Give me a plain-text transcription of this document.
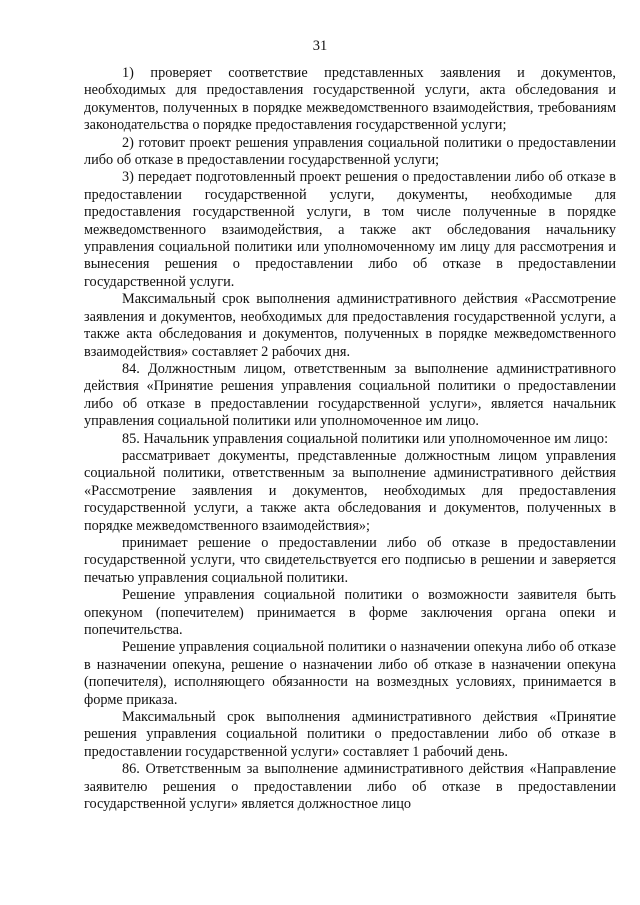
31

1) проверяет соответствие представленных заявления и документов, необходимых для предоставления государственной услуги, акта обследования и документов, полученных в порядке межведомственного взаимодействия, требованиям законодательства о порядке предоставления государственной услуги;

2) готовит проект решения управления социальной политики о предоставлении либо об отказе в предоставлении государственной услуги;

3) передает подготовленный проект решения о предоставлении либо об отказе в предоставлении государственной услуги, документы, необходимые для предоставления государственной услуги, в том числе полученные в порядке межведомственного взаимодействия, а также акт обследования начальнику управления социальной политики или уполномоченному им лицу для рассмотрения и вынесения решения о предоставлении либо об отказе в предоставлении государственной услуги.

Максимальный срок выполнения административного действия «Рассмотрение заявления и документов, необходимых для предоставления государственной услуги, а также акта обследования и документов, полученных в порядке межведомственного взаимодействия» составляет 2 рабочих дня.

84. Должностным лицом, ответственным за выполнение административного действия «Принятие решения управления социальной политики о предоставлении либо об отказе в предоставлении государственной услуги», является начальник управления социальной политики или уполномоченное им лицо.

85. Начальник управления социальной политики или уполномоченное им лицо:

рассматривает документы, представленные должностным лицом управления социальной политики, ответственным за выполнение административного действия «Рассмотрение заявления и документов, необходимых для предоставления государственной услуги, а также акта обследования и документов, полученных в порядке межведомственного взаимодействия»;

принимает решение о предоставлении либо об отказе в предоставлении государственной услуги, что свидетельствуется его подписью в решении и заверяется печатью управления социальной политики.

Решение управления социальной политики о возможности заявителя быть опекуном (попечителем) принимается в форме заключения органа опеки и попечительства.

Решение управления социальной политики о назначении опекуна либо об отказе в назначении опекуна, решение о назначении либо об отказе в назначении опекуна (попечителя), исполняющего обязанности на возмездных условиях, принимается в форме приказа.

Максимальный срок выполнения административного действия «Принятие решения управления социальной политики о предоставлении либо об отказе в предоставлении государственной услуги» составляет 1 рабочий день.

86. Ответственным за выполнение административного действия «Направление заявителю решения о предоставлении либо об отказе в предоставлении государственной услуги» является должностное лицо
